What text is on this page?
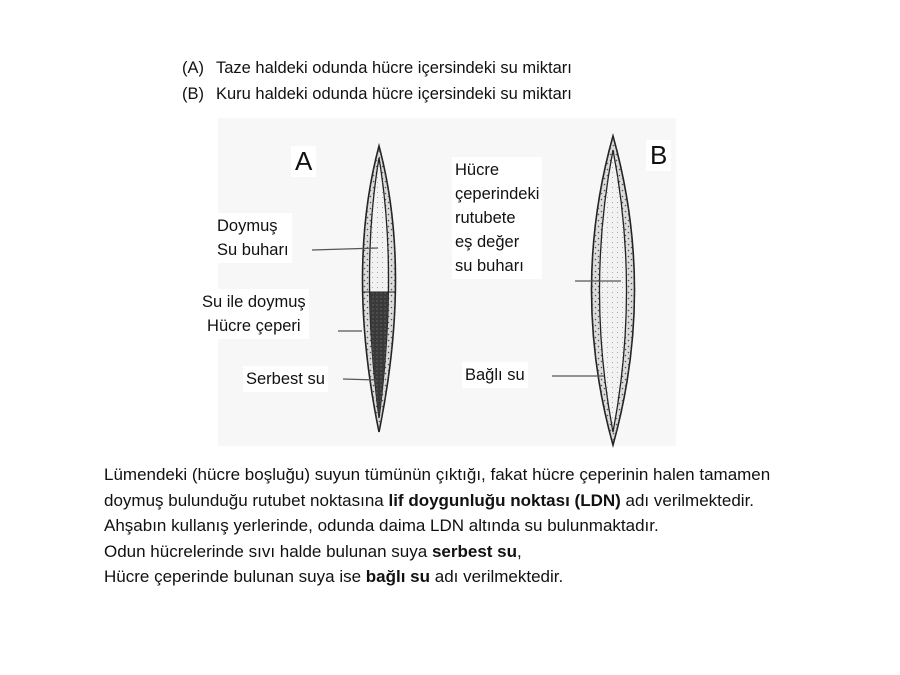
(A) Taze haldeki odunda hücre içersindeki su miktarı
(B) Kuru haldeki odunda hücre içersindeki su miktarı
A	B
Doymuş
Su buharı
Su ile doymuş
Hücre çeperi
Serbest su
Hücre
çeperindeki
rutubete
eş değer
su buharı
Bağlı su

Lümendeki (hücre boşluğu) suyun tümünün çıktığı, fakat hücre çeperinin halen tamamen doymuş bulunduğu rutubet noktasına lif doygunluğu noktası (LDN) adı verilmektedir.

Ahşabın kullanış yerlerinde, odunda daima LDN altında su bulunmaktadır.

Odun hücrelerinde sıvı halde bulunan suya serbest su,

Hücre çeperinde bulunan suya ise bağlı su adı verilmektedir.
